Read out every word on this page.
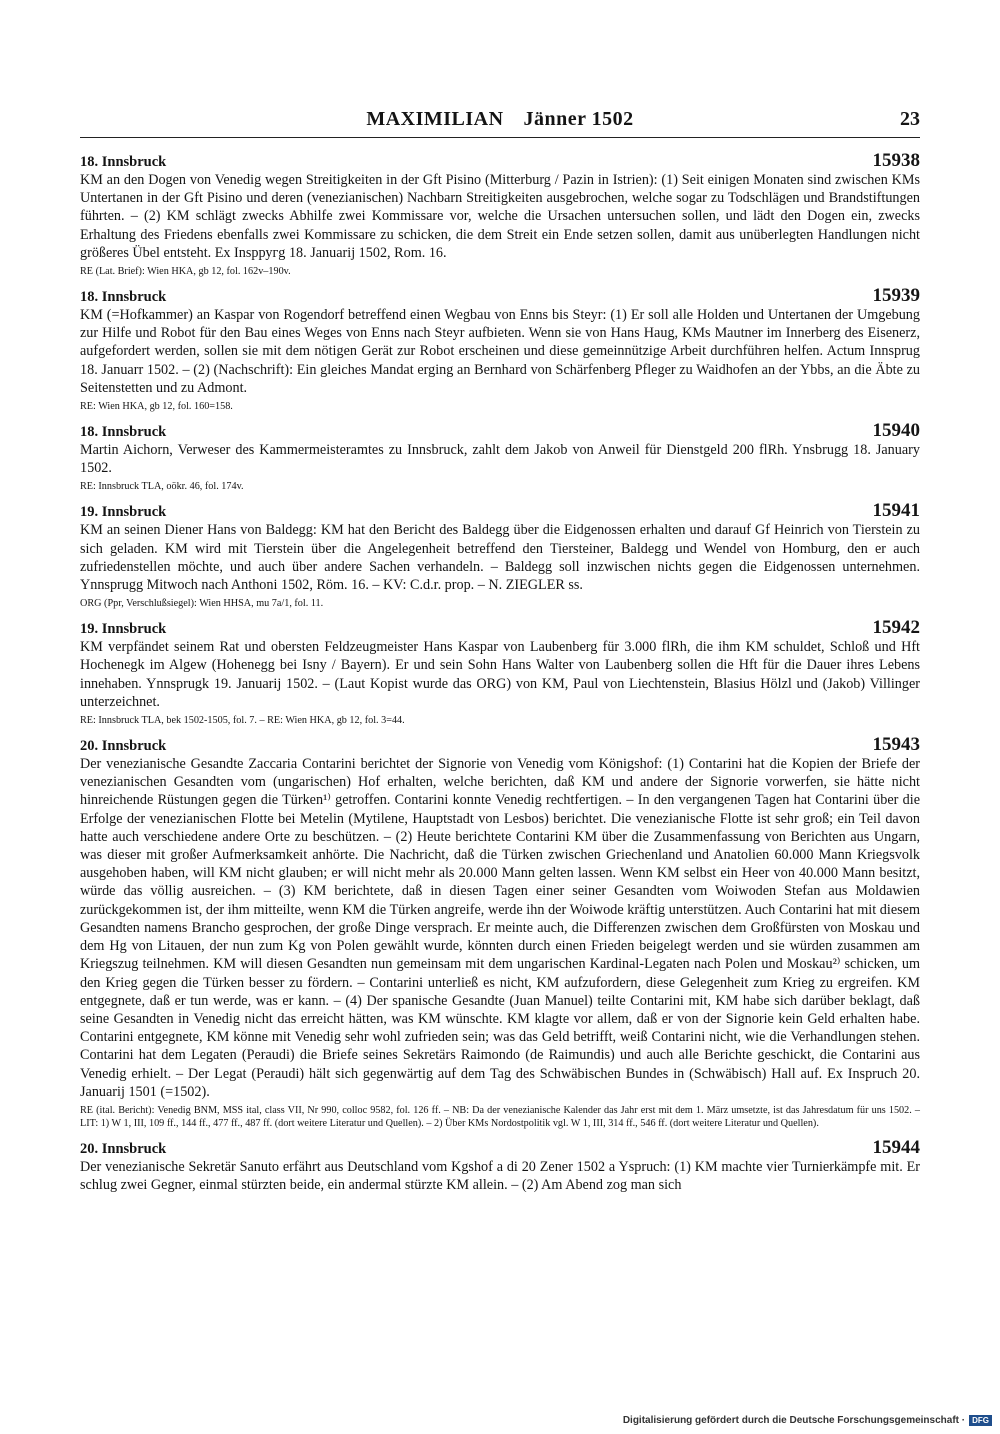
MAXIMILIAN Jänner 1502	23
18. Innsbruck	15938

KM an den Dogen von Venedig wegen Streitigkeiten in der Gft Pisino (Mitterburg / Pazin in Istrien): (1) Seit einigen Monaten sind zwischen KMs Untertanen in der Gft Pisino und deren (venezianischen) Nachbarn Streitigkeiten ausgebrochen, welche sogar zu Todschlägen und Brandstiftungen führten. – (2) KM schlägt zwecks Abhilfe zwei Kommissare vor, welche die Ursachen untersuchen sollen, und lädt den Dogen ein, zwecks Erhaltung des Friedens ebenfalls zwei Kommissare zu schicken, die dem Streit ein Ende setzen sollen, damit aus unüberlegten Handlungen nicht größeres Übel entsteht. Ex Inspругg 18. Januarij 1502, Rom. 16.

RE (Lat. Brief): Wien HKA, gb 12, fol. 162v–190v.

18. Innsbruck	15939

KM (=Hofkammer) an Kaspar von Rogendorf betreffend einen Wegbau von Enns bis Steyr: (1) Er soll alle Holden und Untertanen der Umgebung zur Hilfe und Robot für den Bau eines Weges von Enns nach Steyr aufbieten. Wenn sie von Hans Haug, KMs Mautner im Innerberg des Eisenerz, aufgefordert werden, sollen sie mit dem nötigen Gerät zur Robot erscheinen und diese gemeinnützige Arbeit durchführen helfen. Actum Innsprug 18. Januarr 1502. – (2) (Nachschrift): Ein gleiches Mandat erging an Bernhard von Schärfenberg Pfleger zu Waidhofen an der Ybbs, an die Äbte zu Seitenstetten und zu Admont.

RE: Wien HKA, gb 12, fol. 160=158.

18. Innsbruck	15940

Martin Aichorn, Verweser des Kammermeisteramtes zu Innsbruck, zahlt dem Jakob von Anweil für Dienstgeld 200 flRh. Ynsbrugg 18. January 1502.

RE: Innsbruck TLA, oökr. 46, fol. 174v.

19. Innsbruck	15941

KM an seinen Diener Hans von Baldegg: KM hat den Bericht des Baldegg über die Eidgenossen erhalten und darauf Gf Heinrich von Tierstein zu sich geladen. KM wird mit Tierstein über die Angelegenheit betreffend den Tiersteiner, Baldegg und Wendel von Homburg, den er auch zufriedenstellen möchte, und auch über andere Sachen verhandeln. – Baldegg soll inzwischen nichts gegen die Eidgenossen unternehmen. Ynnsprugg Mitwoch nach Anthoni 1502, Röm. 16. – KV: C.d.r. prop. – N. ZIEGLER ss.

ORG (Ppr, Verschlußsiegel): Wien HHSA, mu 7a/1, fol. 11.

19. Innsbruck	15942

KM verpfändet seinem Rat und obersten Feldzeugmeister Hans Kaspar von Laubenberg für 3.000 flRh, die ihm KM schuldet, Schloß und Hft Hochenegk im Algew (Hohenegg bei Isny / Bayern). Er und sein Sohn Hans Walter von Laubenberg sollen die Hft für die Dauer ihres Lebens innehaben. Ynnsprugk 19. Januarij 1502. – (Laut Kopist wurde das ORG) von KM, Paul von Liechtenstein, Blasius Hölzl und (Jakob) Villinger unterzeichnet.

RE: Innsbruck TLA, bek 1502-1505, fol. 7. – RE: Wien HKA, gb 12, fol. 3=44.

20. Innsbruck	15943

Der venezianische Gesandte Zaccaria Contarini berichtet der Signorie von Venedig vom Königshof: (1) Contarini hat die Kopien der Briefe der venezianischen Gesandten vom (ungarischen) Hof erhalten, welche berichten, daß KM und andere der Signorie vorwerfen, sie hätte nicht hinreichende Rüstungen gegen die Türken¹⁾ getroffen. Contarini konnte Venedig rechtfertigen. – In den vergangenen Tagen hat Contarini über die Erfolge der venezianischen Flotte bei Metelin (Mytilene, Hauptstadt von Lesbos) berichtet. Die venezianische Flotte ist sehr groß; ein Teil davon hatte auch verschiedene andere Orte zu beschützen. – (2) Heute berichtete Contarini KM über die Zusammenfassung von Berichten aus Ungarn, was dieser mit großer Aufmerksamkeit anhörte. Die Nachricht, daß die Türken zwischen Griechenland und Anatolien 60.000 Mann Kriegsvolk ausgehoben haben, will KM nicht glauben; er will nicht mehr als 20.000 Mann gelten lassen. Wenn KM selbst ein Heer von 40.000 Mann besitzt, würde das völlig ausreichen. – (3) KM berichtete, daß in diesen Tagen einer seiner Gesandten vom Woiwoden Stefan aus Moldawien zurückgekommen ist, der ihm mitteilte, wenn KM die Türken angreife, werde ihn der Woiwode kräftig unterstützen. Auch Contarini hat mit diesem Gesandten namens Brancho gesprochen, der große Dinge versprach. Er meinte auch, die Differenzen zwischen dem Großfürsten von Moskau und dem Hg von Litauen, der nun zum Kg von Polen gewählt wurde, könnten durch einen Frieden beigelegt werden und sie würden zusammen am Kriegszug teilnehmen. KM will diesen Gesandten nun gemeinsam mit dem ungarischen Kardinal-Legaten nach Polen und Moskau²⁾ schicken, um den Krieg gegen die Türken besser zu fördern. – Contarini unterließ es nicht, KM aufzufordern, diese Gelegenheit zum Krieg zu ergreifen. KM entgegnete, daß er tun werde, was er kann. – (4) Der spanische Gesandte (Juan Manuel) teilte Contarini mit, KM habe sich darüber beklagt, daß seine Gesandten in Venedig nicht das erreicht hätten, was KM wünschte. KM klagte vor allem, daß er von der Signorie kein Geld erhalten habe. Contarini entgegnete, KM könne mit Venedig sehr wohl zufrieden sein; was das Geld betrifft, weiß Contarini nicht, wie die Verhandlungen stehen. Contarini hat dem Legaten (Peraudi) die Briefe seines Sekretärs Raimondo (de Raimundis) und auch alle Berichte geschickt, die Contarini aus Venedig erhielt. – Der Legat (Peraudi) hält sich gegenwärtig auf dem Tag des Schwäbischen Bundes in (Schwäbisch) Hall auf. Ex Inspruch 20. Januarij 1501 (=1502).

RE (ital. Bericht): Venedig BNM, MSS ital, class VII, Nr 990, colloc 9582, fol. 126 ff. – NB: Da der venezianische Kalender das Jahr erst mit dem 1. März umsetzte, ist das Jahresdatum für uns 1502. – LIT: 1) W 1, III, 109 ff., 144 ff., 477 ff., 487 ff. (dort weitere Literatur und Quellen). – 2) Über KMs Nordostpolitik vgl. W 1, III, 314 ff., 546 ff. (dort weitere Literatur und Quellen).

20. Innsbruck	15944

Der venezianische Sekretär Sanuto erfährt aus Deutschland vom Kgshof a di 20 Zener 1502 a Yspruch: (1) KM machte vier Turnierkämpfe mit. Er schlug zwei Gegner, einmal stürzten beide, ein andermal stürzte KM allein. – (2) Am Abend zog man sich

Digitalisierung gefördert durch die Deutsche Forschungsgemeinschaft · DFG
